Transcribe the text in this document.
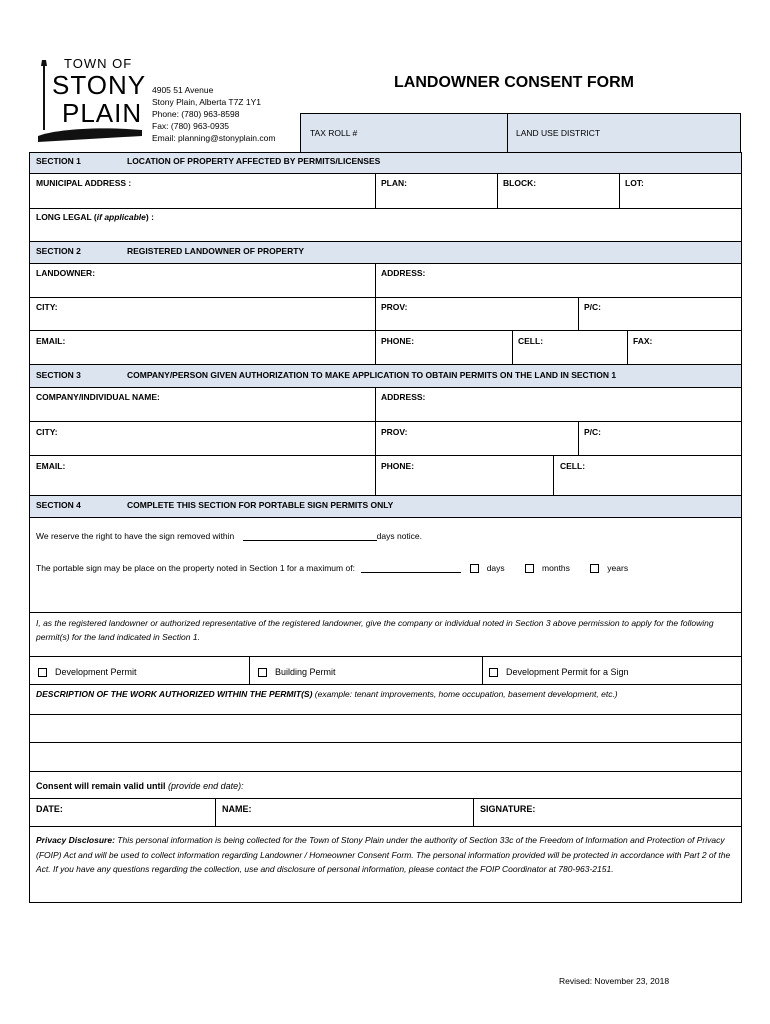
TOWN OF
STONY
PLAIN
4905 51 Avenue
Stony Plain, Alberta T7Z 1Y1
Phone: (780) 963-8598
Fax: (780) 963-0935
Email: planning@stonyplain.com
LANDOWNER CONSENT FORM
TAX ROLL #	LAND USE DISTRICT
SECTION 1	LOCATION OF PROPERTY AFFECTED BY PERMITS/LICENSES
MUNICIPAL ADDRESS :	PLAN:	BLOCK:	LOT:
LONG LEGAL (if applicable) :
SECTION 2	REGISTERED LANDOWNER OF PROPERTY
LANDOWNER:	ADDRESS:
CITY:	PROV:	P/C:
EMAIL:	PHONE:	CELL:	FAX:
SECTION 3	COMPANY/PERSON GIVEN AUTHORIZATION TO MAKE APPLICATION TO OBTAIN PERMITS ON THE LAND IN SECTION 1
COMPANY/INDIVIDUAL NAME:	ADDRESS:
CITY:	PROV:	P/C:
EMAIL:	PHONE:	CELL:
SECTION 4	COMPLETE THIS SECTION FOR PORTABLE SIGN PERMITS ONLY
We reserve the right to have the sign removed within	days notice.
The portable sign may be place on the property noted in Section 1 for a maximum of:	days	months	years
I, as the registered landowner or authorized representative of the registered landowner, give the company or individual noted in Section 3 above permission to apply for the following permit(s) for the land indicated in Section 1.
Development Permit	Building Permit	Development Permit for a Sign
DESCRIPTION OF THE WORK AUTHORIZED WITHIN THE PERMIT(S) (example: tenant improvements, home occupation, basement development, etc.)
Consent will remain valid until (provide end date):
DATE:	NAME:	SIGNATURE:
Privacy Disclosure: This personal information is being collected for the Town of Stony Plain under the authority of Section 33c of the Freedom of Information and Protection of Privacy (FOIP) Act and will be used to collect information regarding Landowner / Homeowner Consent Form. The personal information provided will be protected in accordance with Part 2 of the Act. If you have any questions regarding the collection, use and disclosure of personal information, please contact the FOIP Coordinator at 780-963-2151.
Revised: November 23, 2018
